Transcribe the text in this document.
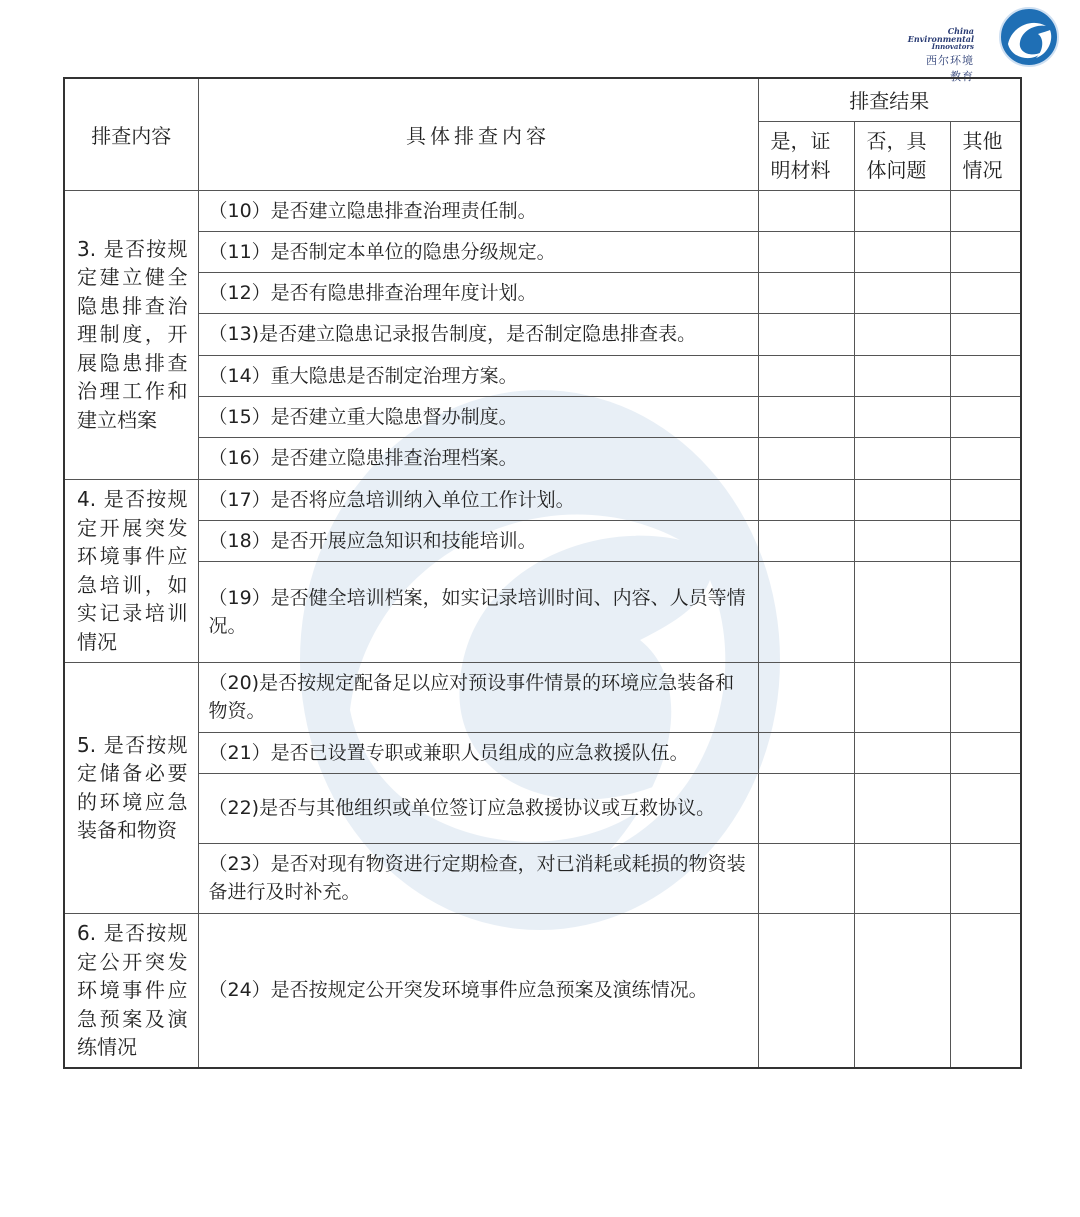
China
Environmental
Innovators
西尔环境教育
排查内容	具体排查内容	排查结果		
		是，证明材料	否，具体问题	其他情况
3. 是否按规定建立健全隐患排查治理制度，开展隐患排查治理工作和建立档案	（10）是否建立隐患排查治理责任制。			
	（11）是否制定本单位的隐患分级规定。			
	（12）是否有隐患排查治理年度计划。			
	（13)是否建立隐患记录报告制度，是否制定隐患排查表。			
	（14）重大隐患是否制定治理方案。			
	（15）是否建立重大隐患督办制度。			
	（16）是否建立隐患排查治理档案。			
4. 是否按规定开展突发环境事件应急培训，如实记录培训情况	（17）是否将应急培训纳入单位工作计划。			
	（18）是否开展应急知识和技能培训。			
	（19）是否健全培训档案，如实记录培训时间、内容、人员等情况。			
5. 是否按规定储备必要的环境应急装备和物资	（20)是否按规定配备足以应对预设事件情景的环境应急装备和物资。			
	（21）是否已设置专职或兼职人员组成的应急救援队伍。			
	（22)是否与其他组织或单位签订应急救援协议或互救协议。			
	（23）是否对现有物资进行定期检查，对已消耗或耗损的物资装备进行及时补充。			
6. 是否按规定公开突发环境事件应急预案及演练情况	（24）是否按规定公开突发环境事件应急预案及演练情况。			
